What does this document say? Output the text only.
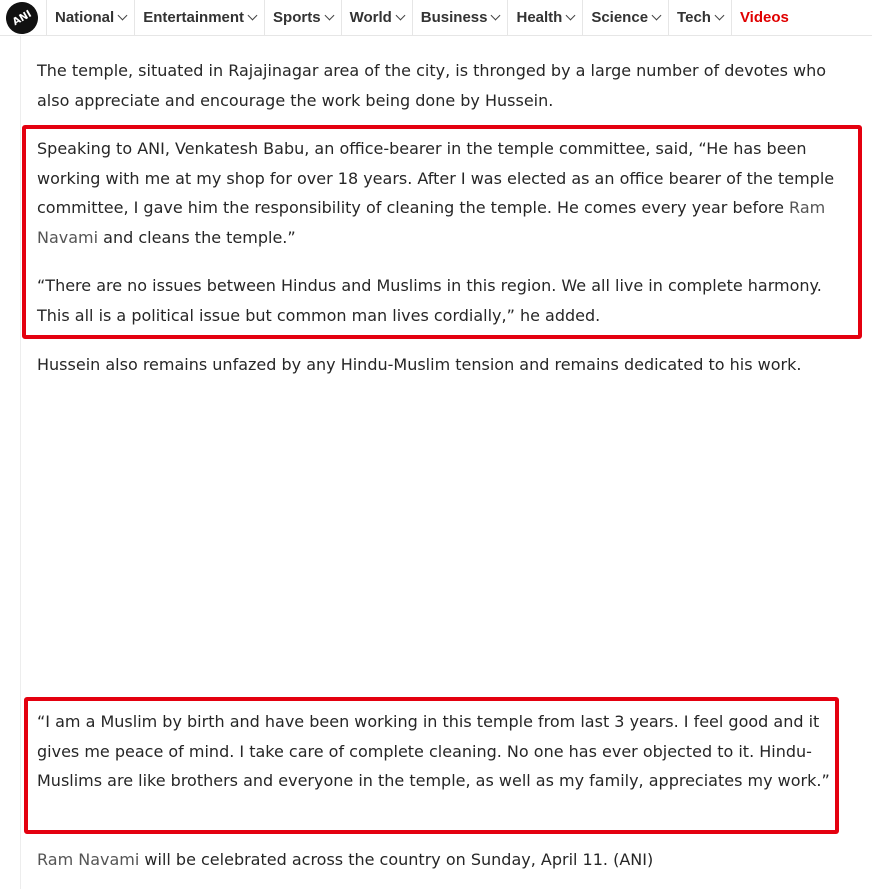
ANI	National Entertainment Sports World Business Health Science Tech Videos

The temple, situated in Rajajinagar area of the city, is thronged by a large number of devotes who also appreciate and encourage the work being done by Hussein.

Speaking to ANI, Venkatesh Babu, an office-bearer in the temple committee, said, “He has been working with me at my shop for over 18 years. After I was elected as an office bearer of the temple committee, I gave him the responsibility of cleaning the temple. He comes every year before Ram Navami and cleans the temple.”

“There are no issues between Hindus and Muslims in this region. We all live in complete harmony. This all is a political issue but common man lives cordially,” he added.

Hussein also remains unfazed by any Hindu-Muslim tension and remains dedicated to his work.

“I am a Muslim by birth and have been working in this temple from last 3 years. I feel good and it gives me peace of mind. I take care of complete cleaning. No one has ever objected to it. Hindu-Muslims are like brothers and everyone in the temple, as well as my family, appreciates my work.”

Ram Navami will be celebrated across the country on Sunday, April 11. (ANI)
